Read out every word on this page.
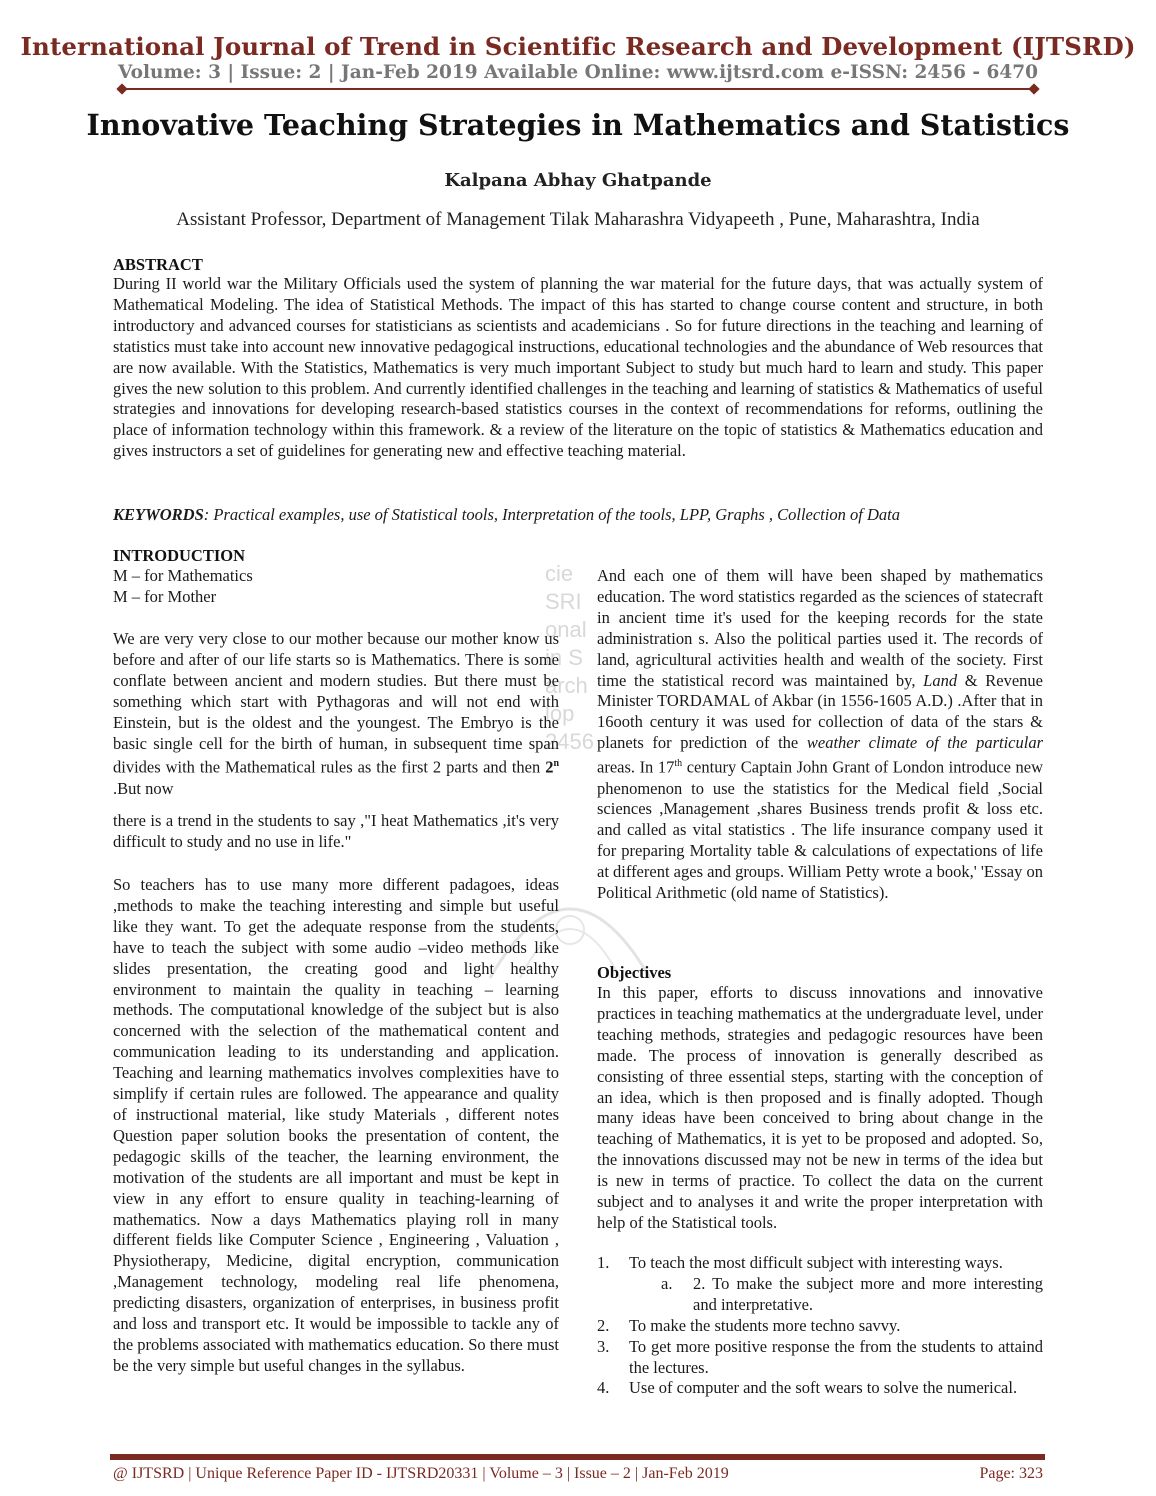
International Journal of Trend in Scientific Research and Development (IJTSRD)
Volume: 3 | Issue: 2 | Jan-Feb 2019 Available Online: www.ijtsrd.com e-ISSN: 2456 - 6470
Innovative Teaching Strategies in Mathematics and Statistics
Kalpana Abhay Ghatpande
Assistant Professor, Department of Management Tilak Maharashra Vidyapeeth , Pune, Maharashtra, India
ABSTRACT
During II world war the Military Officials used the system of planning the war material for the future days, that was actually system of Mathematical Modeling. The idea of Statistical Methods. The impact of this has started to change course content and structure, in both introductory and advanced courses for statisticians as scientists and academicians . So for future directions in the teaching and learning of statistics must take into account new innovative pedagogical instructions, educational technologies and the abundance of Web resources that are now available. With the Statistics, Mathematics is very much important Subject to study but much hard to learn and study. This paper gives the new solution to this problem. And currently identified challenges in the teaching and learning of statistics & Mathematics of useful strategies and innovations for developing research-based statistics courses in the context of recommendations for reforms, outlining the place of information technology within this framework. & a review of the literature on the topic of statistics & Mathematics education and gives instructors a set of guidelines for generating new and effective teaching material.
KEYWORDS: Practical examples, use of Statistical tools, Interpretation of the tools, LPP, Graphs , Collection of Data
cie
SRI
onal
in S
arch
lop
2456
INTRODUCTION
M – for Mathematics
M – for Mother
We are very very close to our mother because our mother know us before and after of our life starts so is Mathematics. There is some conflate between ancient and modern studies. But there must be something which start with Pythagoras and will not end with Einstein, but is the oldest and the youngest. The Embryo is the basic single cell for the birth of human, in subsequent time span divides with the Mathematical rules as the first 2 parts and then 2$^n$ .But now
there is a trend in the students to say ,"I heat Mathematics ,it's very difficult to study and no use in life."
So teachers has to use many more different padagoes, ideas ,methods to make the teaching interesting and simple but useful like they want. To get the adequate response from the students, have to teach the subject with some audio –video methods like slides presentation, the creating good and light healthy environment to maintain the quality in teaching – learning methods. The computational knowledge of the subject but is also concerned with the selection of the mathematical content and communication leading to its understanding and application. Teaching and learning mathematics involves complexities have to simplify if certain rules are followed. The appearance and quality of instructional material, like study Materials , different notes Question paper solution books the presentation of content, the pedagogic skills of the teacher, the learning environment, the motivation of the students are all important and must be kept in view in any effort to ensure quality in teaching-learning of mathematics. Now a days Mathematics playing roll in many different fields like Computer Science , Engineering , Valuation , Physiotherapy, Medicine, digital encryption, communication ,Management technology, modeling real life phenomena, predicting disasters, organization of enterprises, in business profit and loss and transport etc. It would be impossible to tackle any of the problems associated with mathematics education. So there must be the very simple but useful changes in the syllabus.
And each one of them will have been shaped by mathematics education. The word statistics regarded as the sciences of statecraft in ancient time it's used for the keeping records for the state administration s. Also the political parties used it. The records of land, agricultural activities health and wealth of the society. First time the statistical record was maintained by, Land & Revenue Minister TORDAMAL of Akbar (in 1556-1605 A.D.) .After that in 16ooth century it was used for collection of data of the stars & planets for prediction of the weather climate of the particular areas. In 17th century Captain John Grant of London introduce new phenomenon to use the statistics for the Medical field ,Social sciences ,Management ,shares Business trends profit & loss etc. and called as vital statistics . The life insurance company used it for preparing Mortality table & calculations of expectations of life at different ages and groups. William Petty wrote a book,' 'Essay on Political Arithmetic (old name of Statistics).
Objectives
In this paper, efforts to discuss innovations and innovative practices in teaching mathematics at the undergraduate level, under teaching methods, strategies and pedagogic resources have been made. The process of innovation is generally described as consisting of three essential steps, starting with the conception of an idea, which is then proposed and is finally adopted. Though many ideas have been conceived to bring about change in the teaching of Mathematics, it is yet to be proposed and adopted. So, the innovations discussed may not be new in terms of the idea but is new in terms of practice. To collect the data on the current subject and to analyses it and write the proper interpretation with help of the Statistical tools.
1. To teach the most difficult subject with interesting ways.
a. 2. To make the subject more and more interesting and interpretative.
2. To make the students more techno savvy.
3. To get more positive response the from the students to attaind the lectures.
4. Use of computer and the soft wears to solve the numerical.
@ IJTSRD | Unique Reference Paper ID - IJTSRD20331 | Volume – 3 | Issue – 2 | Jan-Feb 2019	Page: 323
